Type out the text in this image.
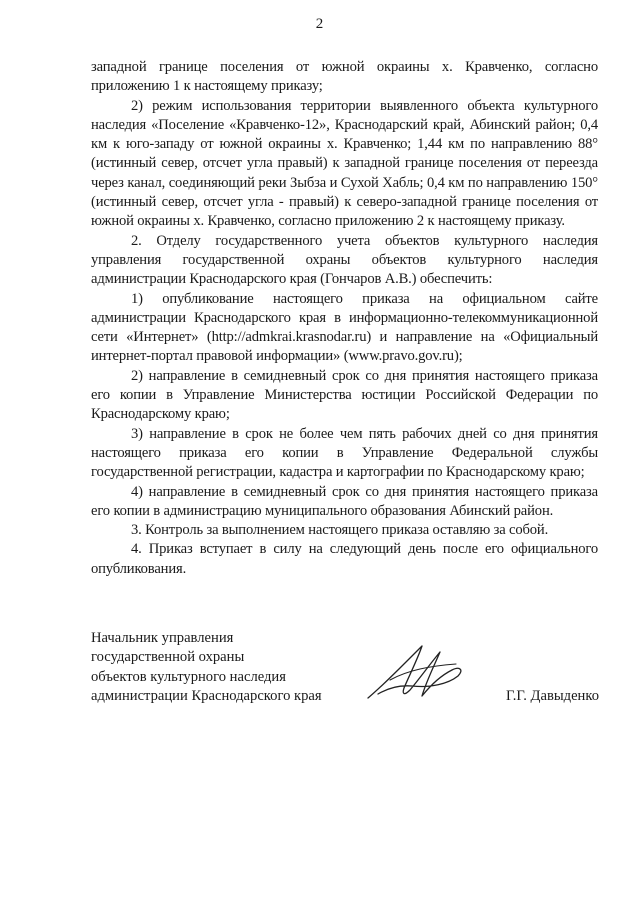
2

западной границе поселения от южной окраины х. Кравченко, согласно приложению 1 к настоящему приказу;

2) режим использования территории выявленного объекта культурного наследия «Поселение «Кравченко-12», Краснодарский край, Абинский район; 0,4 км к юго-западу от южной окраины х. Кравченко; 1,44 км по направлению 88° (истинный север, отсчет угла правый) к западной границе поселения от переезда через канал, соединяющий реки Зыбза и Сухой Хабль; 0,4 км по направлению 150° (истинный север, отсчет угла - правый) к северо-западной границе поселения от южной окраины х. Кравченко, согласно приложению 2 к настоящему приказу.

2. Отделу государственного учета объектов культурного наследия управления государственной охраны объектов культурного наследия администрации Краснодарского края (Гончаров А.В.) обеспечить:

1) опубликование настоящего приказа на официальном сайте администрации Краснодарского края в информационно-телекоммуникационной сети «Интернет» (http://admkrai.krasnodar.ru) и направление на «Официальный интернет-портал правовой информации» (www.pravo.gov.ru);

2) направление в семидневный срок со дня принятия настоящего приказа его копии в Управление Министерства юстиции Российской Федерации по Краснодарскому краю;

3) направление в срок не более чем пять рабочих дней со дня принятия настоящего приказа его копии в Управление Федеральной службы государственной регистрации, кадастра и картографии по Краснодарскому краю;

4) направление в семидневный срок со дня принятия настоящего приказа его копии в администрацию муниципального образования Абинский район.

3. Контроль за выполнением настоящего приказа оставляю за собой.

4. Приказ вступает в силу на следующий день после его официального опубликования.

Начальник управления
государственной охраны
объектов культурного наследия
администрации Краснодарского края	Г.Г. Давыденко
